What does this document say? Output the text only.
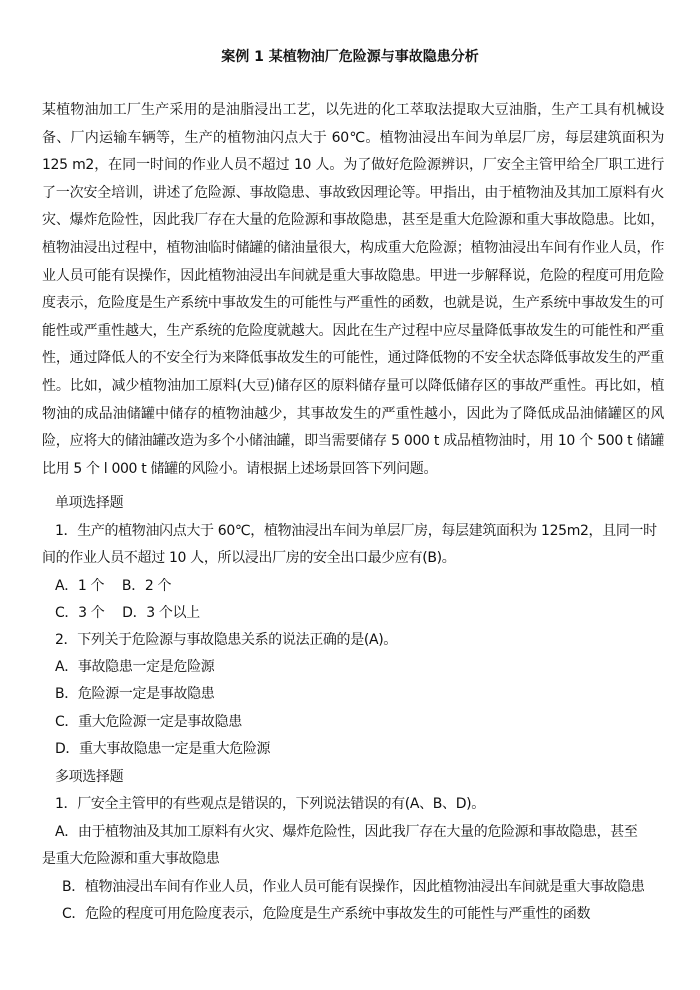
案例 1 某植物油厂危险源与事故隐患分析
某植物油加工厂生产采用的是油脂浸出工艺，以先进的化工萃取法提取大豆油脂，生产工具有机械设备、厂内运输车辆等，生产的植物油闪点大于 60℃。植物油浸出车间为单层厂房，每层建筑面积为 125 m2，在同一时间的作业人员不超过 10 人。为了做好危险源辨识，厂安全主管甲给全厂职工进行了一次安全培训，讲述了危险源、事故隐患、事故致因理论等。甲指出，由于植物油及其加工原料有火灾、爆炸危险性，因此我厂存在大量的危险源和事故隐患，甚至是重大危险源和重大事故隐患。比如，植物油浸出过程中，植物油临时储罐的储油量很大，构成重大危险源；植物油浸出车间有作业人员，作业人员可能有误操作，因此植物油浸出车间就是重大事故隐患。甲进一步解释说，危险的程度可用危险度表示，危险度是生产系统中事故发生的可能性与严重性的函数，也就是说，生产系统中事故发生的可能性或严重性越大，生产系统的危险度就越大。因此在生产过程中应尽量降低事故发生的可能性和严重性，通过降低人的不安全行为来降低事故发生的可能性，通过降低物的不安全状态降低事故发生的严重性。比如，减少植物油加工原料(大豆)储存区的原料储存量可以降低储存区的事故严重性。再比如，植物油的成品油储罐中储存的植物油越少，其事故发生的严重性越小，因此为了降低成品油储罐区的风险，应将大的储油罐改造为多个小储油罐，即当需要储存 5 000 t 成品植物油时，用 10 个 500 t 储罐比用 5 个 l 000 t 储罐的风险小。请根据上述场景回答下列问题。
单项选择题
1．生产的植物油闪点大于 60℃，植物油浸出车间为单层厂房，每层建筑面积为 125m2，且同一时
间的作业人员不超过 10 人，所以浸出厂房的安全出口最少应有(B)。
A．1 个　 B．2 个
C．3 个　 D．3 个以上
2．下列关于危险源与事故隐患关系的说法正确的是(A)。
A．事故隐患一定是危险源
B．危险源一定是事故隐患
C．重大危险源一定是事故隐患
D．重大事故隐患一定是重大危险源
多项选择题
1．厂安全主管甲的有些观点是错误的，下列说法错误的有(A、B、D)。
A．由于植物油及其加工原料有火灾、爆炸危险性，因此我厂存在大量的危险源和事故隐患，甚至
是重大危险源和重大事故隐患
B．植物油浸出车间有作业人员，作业人员可能有误操作，因此植物油浸出车间就是重大事故隐患
C．危险的程度可用危险度表示，危险度是生产系统中事故发生的可能性与严重性的函数
